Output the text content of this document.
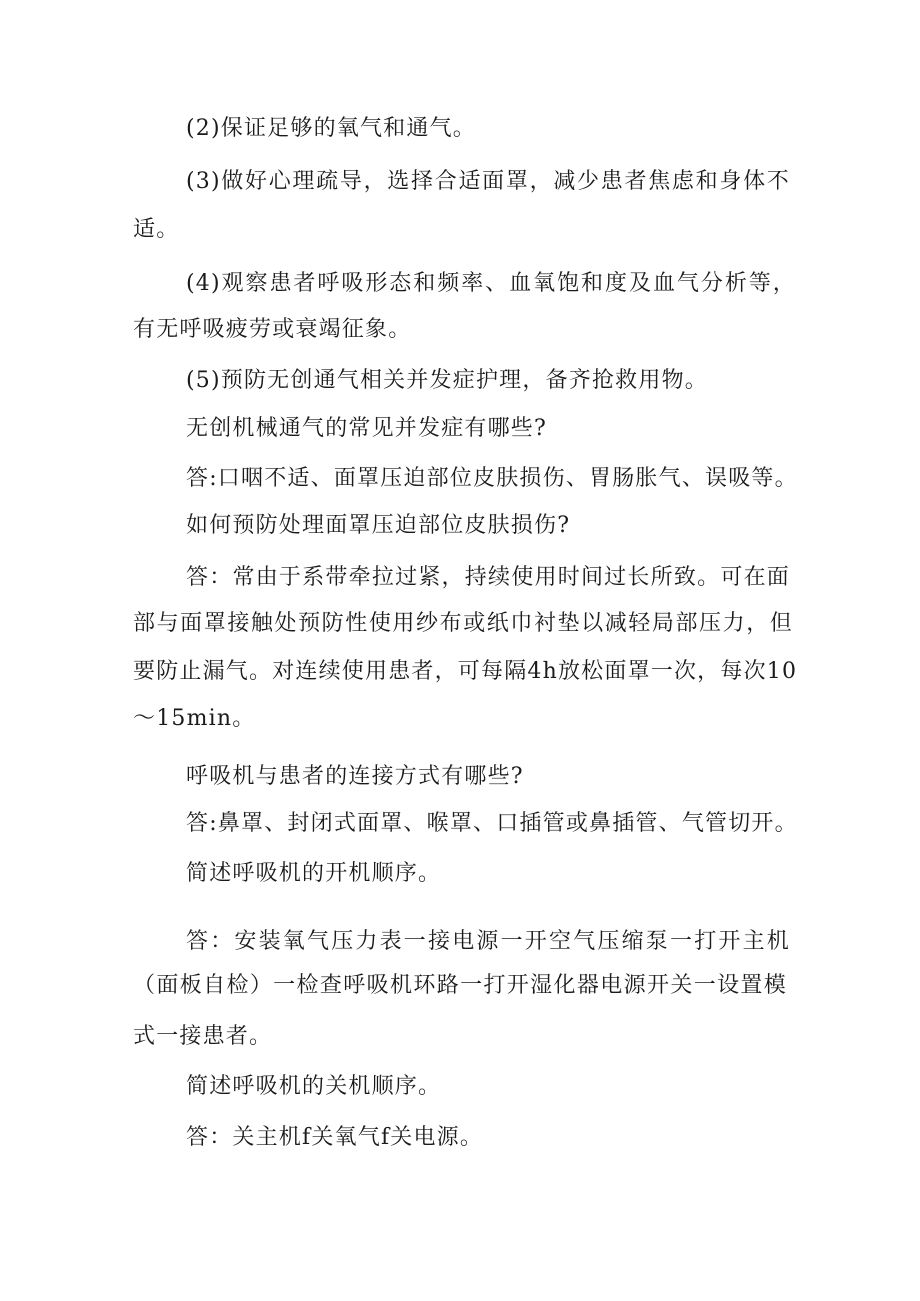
(2)保证足够的氧气和通气。
(3)做好心理疏导，选择合适面罩，减少患者焦虑和身体不
适。
(4)观察患者呼吸形态和频率、血氧饱和度及血气分析等，
有无呼吸疲劳或衰竭征象。
(5)预防无创通气相关并发症护理，备齐抢救用物。
无创机械通气的常见并发症有哪些?
答:口咽不适、面罩压迫部位皮肤损伤、胃肠胀气、误吸等。
如何预防处理面罩压迫部位皮肤损伤?
答：常由于系带牵拉过紧，持续使用时间过长所致。可在面
部与面罩接触处预防性使用纱布或纸巾衬垫以减轻局部压力，但
要防止漏气。对连续使用患者，可每隔4h放松面罩一次，每次10
〜15min。
呼吸机与患者的连接方式有哪些?
答:鼻罩、封闭式面罩、喉罩、口插管或鼻插管、气管切开。
简述呼吸机的开机顺序。
答：安装氧气压力表一接电源一开空气压缩泵一打开主机
（面板自检）一检查呼吸机环路一打开湿化器电源开关一设置模
式一接患者。
简述呼吸机的关机顺序。
答：关主机f关氧气f关电源。
